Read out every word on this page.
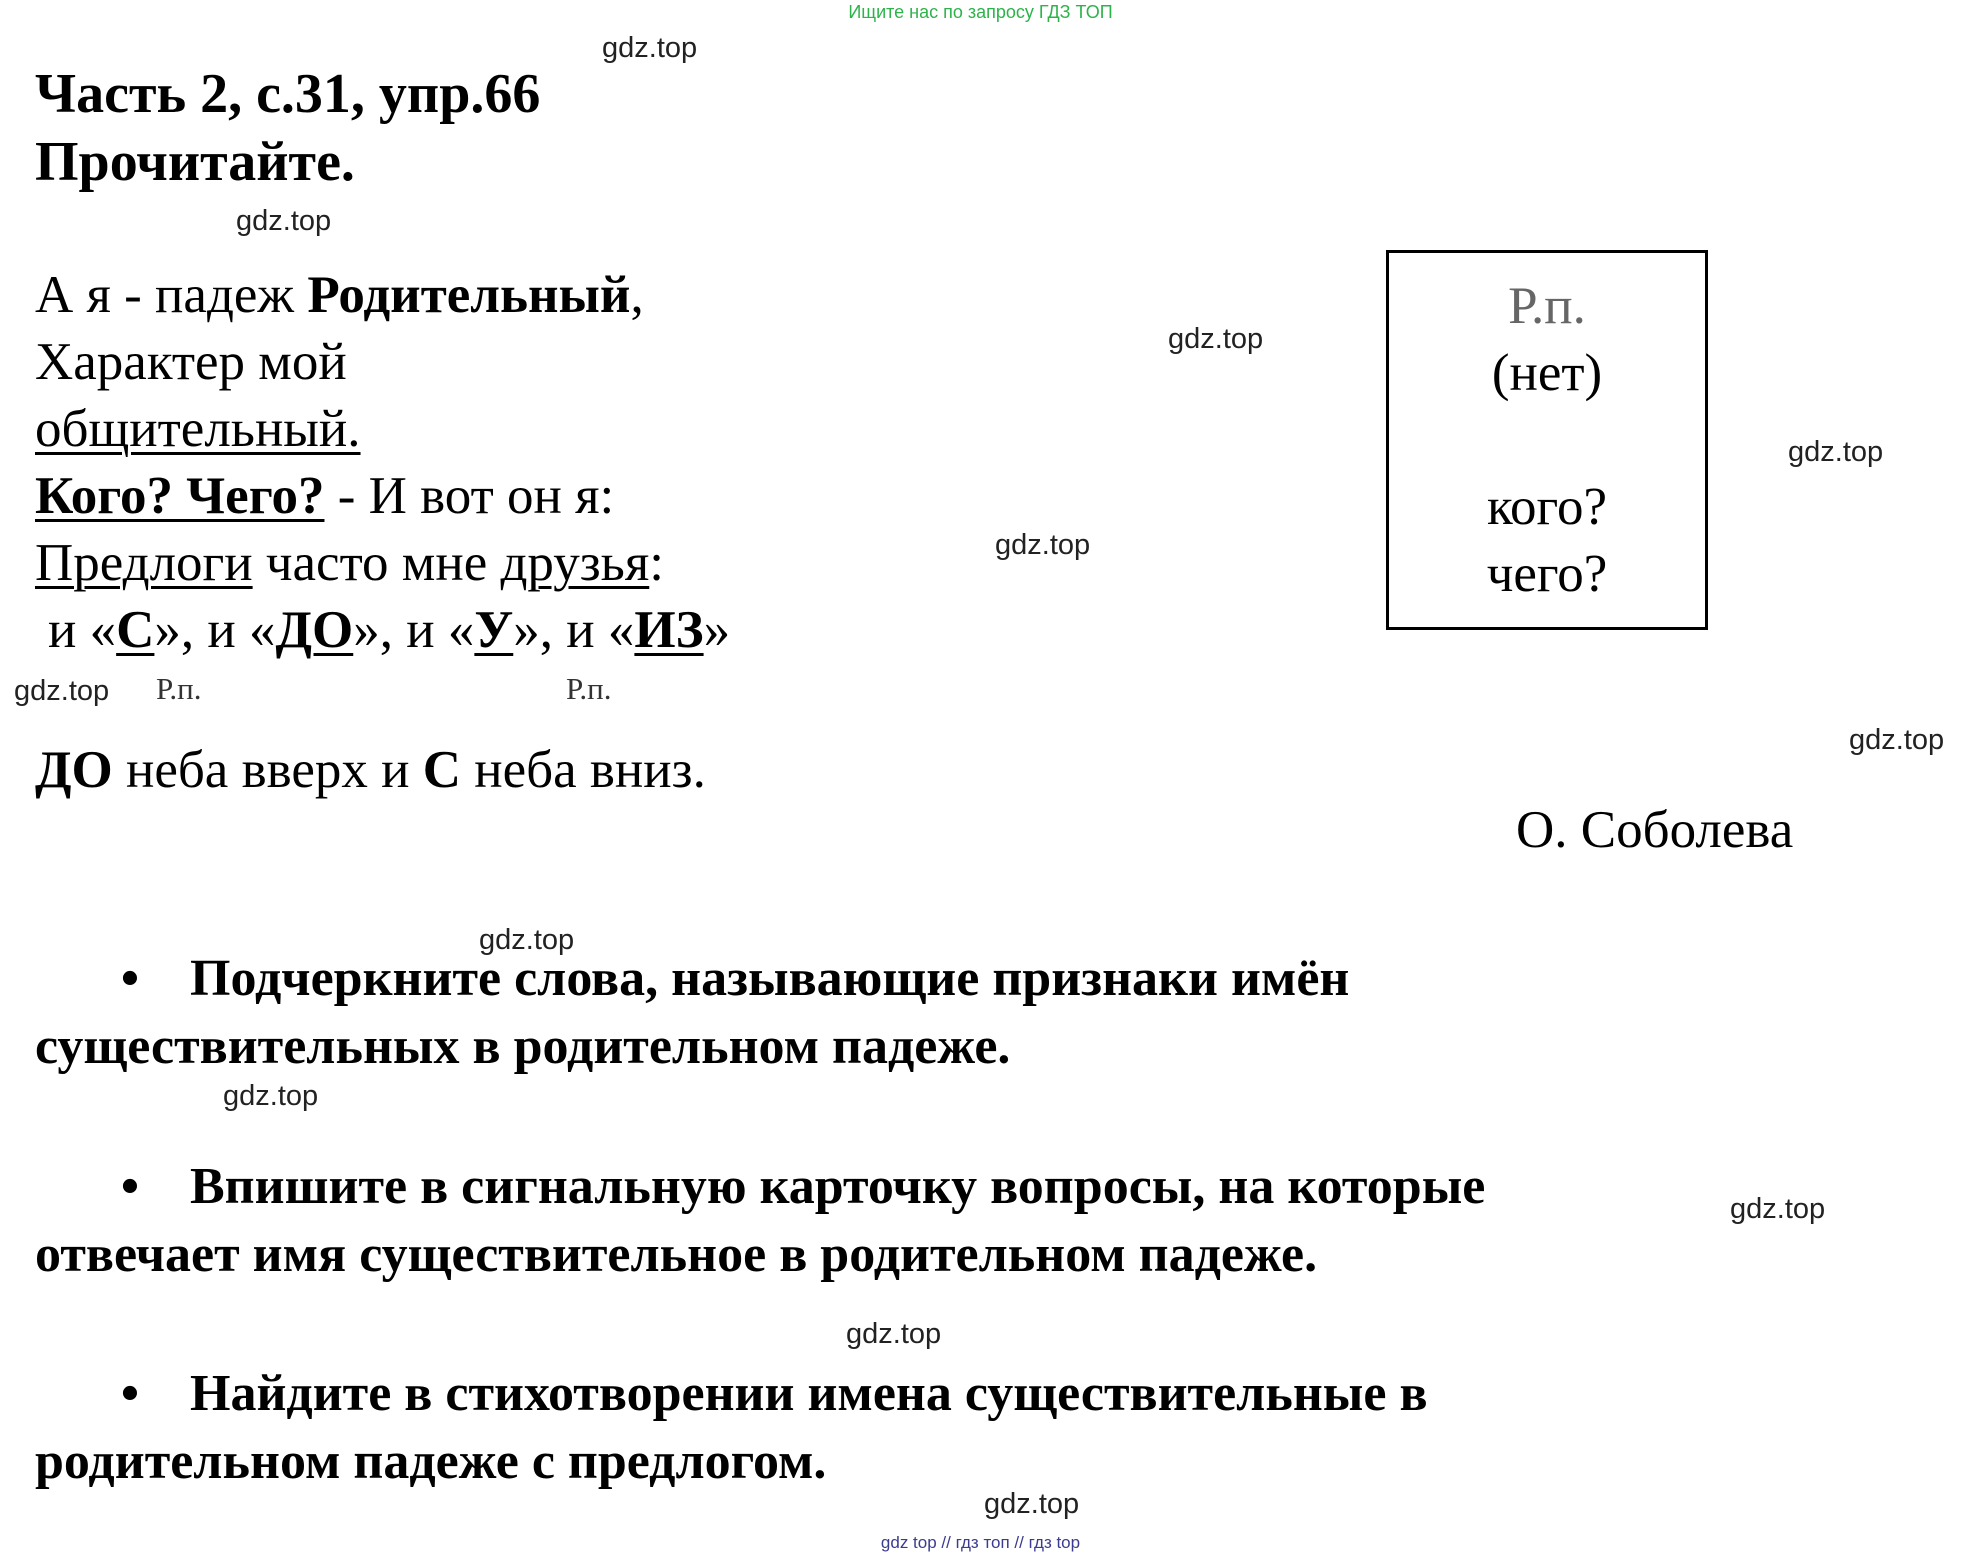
Ищите нас по запросу ГДЗ ТОП
gdz.top
gdz.top
gdz.top
gdz.top
gdz.top
gdz.top
gdz.top
gdz.top
gdz.top
gdz.top
gdz.top
gdz.top
Часть 2, с.31, упр.66
Прочитайте.
А я - падеж Родительный,
Характер мой
общительный.
Кого? Чего? - И вот он я:
Предлоги часто мне друзья:
и «С», и «ДО», и «У», и «ИЗ»
Р.п.	Р.п.
ДО неба вверх и С неба вниз.
Р.п.
(нет)
кого?
чего?
О. Соболева
• Подчеркните слова, называющие признаки имён
существительных в родительном падеже.
• Впишите в сигнальную карточку вопросы, на которые
отвечает имя существительное в родительном падеже.
• Найдите в стихотворении имена существительные в
родительном падеже с предлогом.
gdz top // гдз топ // гдз top
